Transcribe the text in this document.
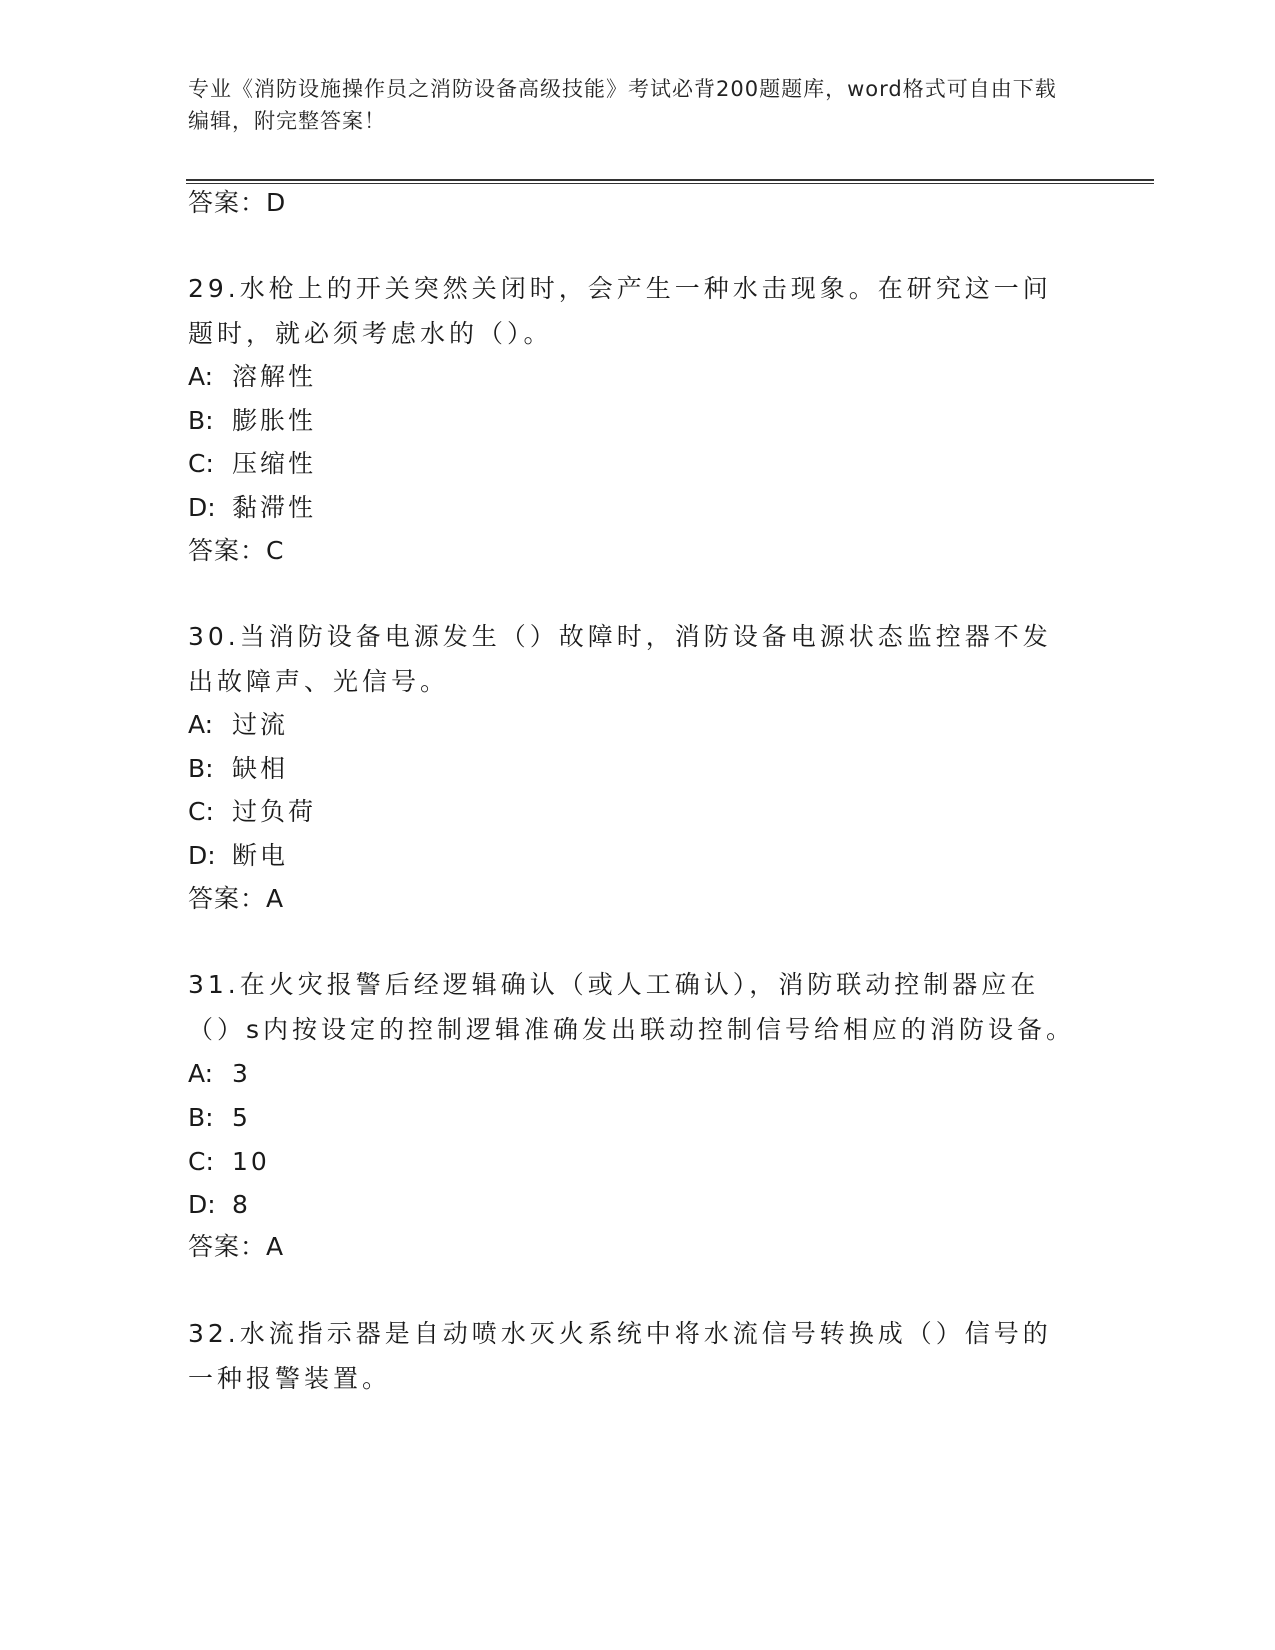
专业《消防设施操作员之消防设备高级技能》考试必背200题题库，word格式可自由下载编辑，附完整答案！
答案：D
29.水枪上的开关突然关闭时，会产生一种水击现象。在研究这一问题时，就必须考虑水的（）。
A: 溶解性
B: 膨胀性
C: 压缩性
D: 黏滞性
答案：C
30.当消防设备电源发生（）故障时，消防设备电源状态监控器不发出故障声、光信号。
A: 过流
B: 缺相
C: 过负荷
D: 断电
答案：A
31.在火灾报警后经逻辑确认（或人工确认），消防联动控制器应在（）s内按设定的控制逻辑准确发出联动控制信号给相应的消防设备。
A: 3
B: 5
C: 10
D: 8
答案：A
32.水流指示器是自动喷水灭火系统中将水流信号转换成（）信号的一种报警装置。
